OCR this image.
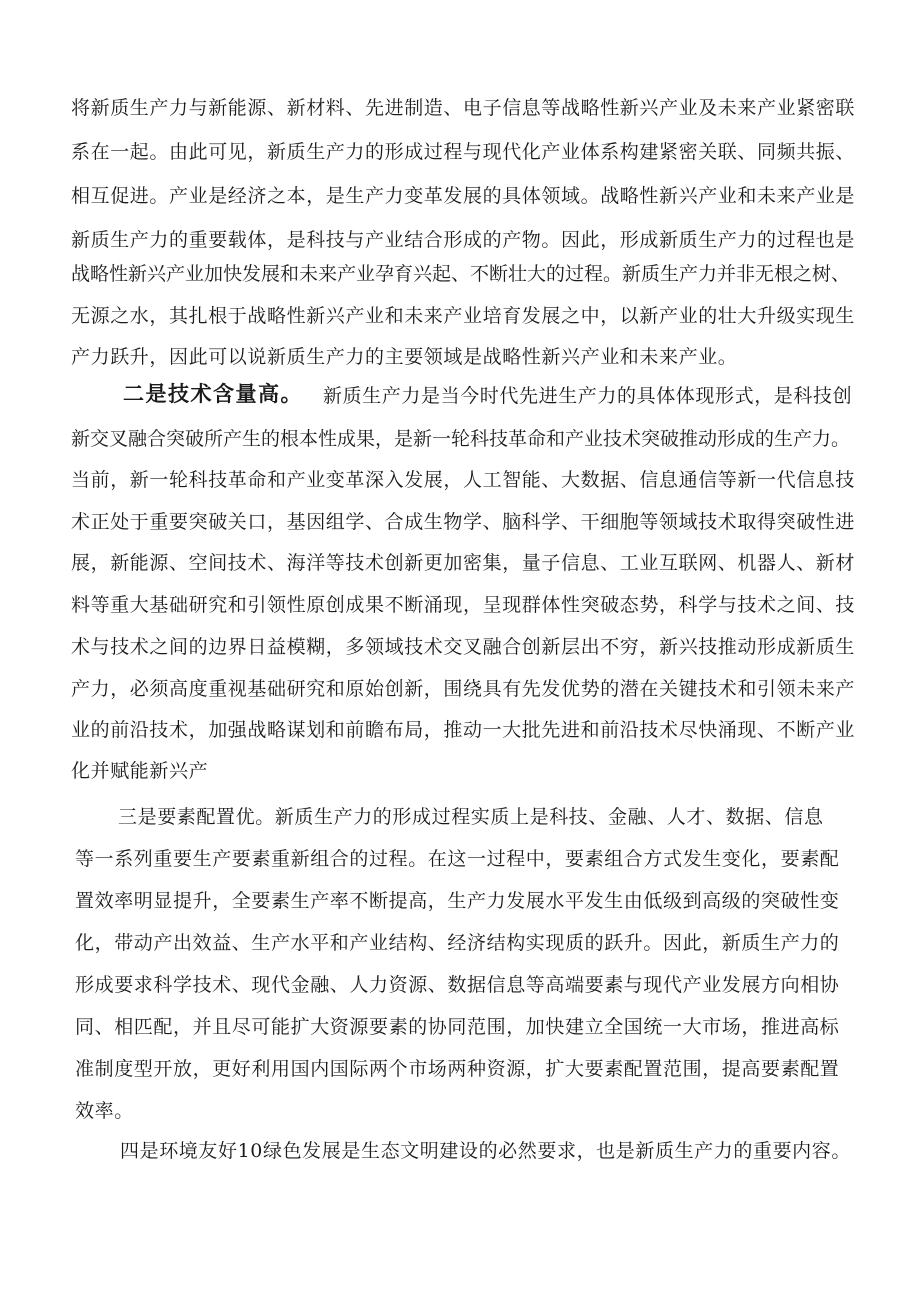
将新质生产力与新能源、新材料、先进制造、电子信息等战略性新兴产业及未来产业紧密联
系在一起。由此可见，新质生产力的形成过程与现代化产业体系构建紧密关联、同频共振、
相互促进。产业是经济之本，是生产力变革发展的具体领域。战略性新兴产业和未来产业是
新质生产力的重要载体，是科技与产业结合形成的产物。因此，形成新质生产力的过程也是
战略性新兴产业加快发展和未来产业孕育兴起、不断壮大的过程。新质生产力并非无根之树、
无源之水，其扎根于战略性新兴产业和未来产业培育发展之中，以新产业的壮大升级实现生
产力跃升，因此可以说新质生产力的主要领域是战略性新兴产业和未来产业。
二是技术含量高。 新质生产力是当今时代先进生产力的具体体现形式，是科技创
新交叉融合突破所产生的根本性成果，是新一轮科技革命和产业技术突破推动形成的生产力。
当前，新一轮科技革命和产业变革深入发展，人工智能、大数据、信息通信等新一代信息技
术正处于重要突破关口，基因组学、合成生物学、脑科学、干细胞等领域技术取得突破性进
展，新能源、空间技术、海洋等技术创新更加密集，量子信息、工业互联网、机器人、新材
料等重大基础研究和引领性原创成果不断涌现，呈现群体性突破态势，科学与技术之间、技
术与技术之间的边界日益模糊，多领域技术交叉融合创新层出不穷，新兴技推动形成新质生
产力，必须高度重视基础研究和原始创新，围绕具有先发优势的潜在关键技术和引领未来产
业的前沿技术，加强战略谋划和前瞻布局，推动一大批先进和前沿技术尽快涌现、不断产业
化并赋能新兴产
三是要素配置优。新质生产力的形成过程实质上是科技、金融、人才、数据、信息
等一系列重要生产要素重新组合的过程。在这一过程中，要素组合方式发生变化，要素配
置效率明显提升，全要素生产率不断提高，生产力发展水平发生由低级到高级的突破性变
化，带动产出效益、生产水平和产业结构、经济结构实现质的跃升。因此，新质生产力的
形成要求科学技术、现代金融、人力资源、数据信息等高端要素与现代产业发展方向相协
同、相匹配，并且尽可能扩大资源要素的协同范围，加快建立全国统一大市场，推进高标
准制度型开放，更好利用国内国际两个市场两种资源，扩大要素配置范围，提高要素配置
效率。
四是环境友好10绿色发展是生态文明建设的必然要求，也是新质生产力的重要内容。
